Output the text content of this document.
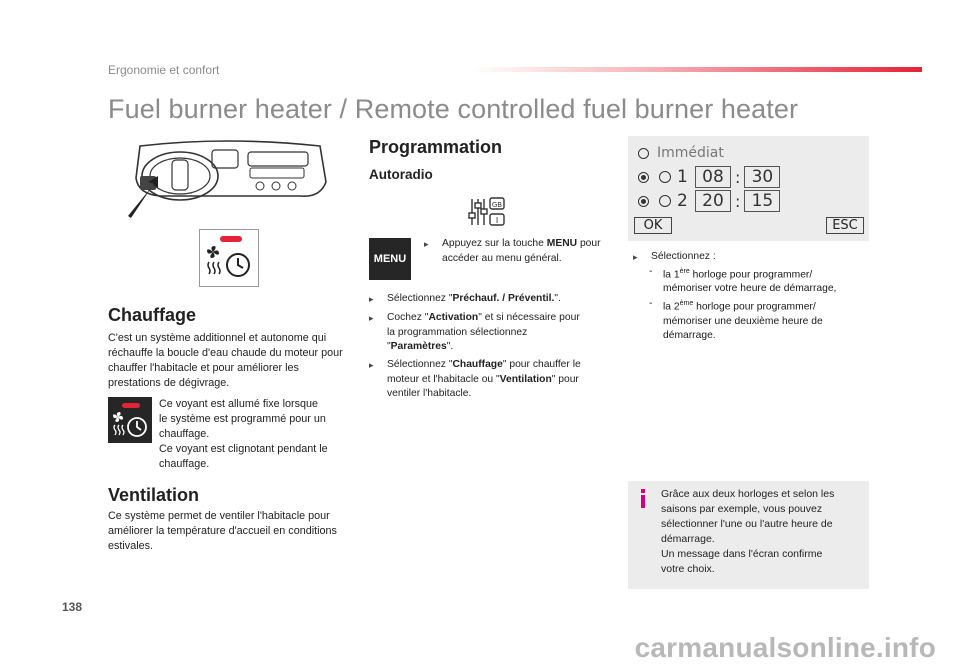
Ergonomie et confort
Fuel burner heater / Remote controlled fuel burner heater
Chauffage
C'est un système additionnel et autonome qui réchauffe la boucle d'eau chaude du moteur pour chauffer l'habitacle et pour améliorer les prestations de dégivrage.
Ce voyant est allumé fixe lorsque
le système est programmé pour un
chauffage.
Ce voyant est clignotant pendant le
chauffage.
Ventilation
Ce système permet de ventiler l'habitacle pour améliorer la température d'accueil en conditions estivales.
Programmation
Autoradio
GB
I
MENU
▸	Appuyez sur la touche MENU pour accéder au menu général.
▸	Sélectionnez "Préchauf. / Préventil.".
▸	Cochez "Activation" et si nécessaire pour la programmation sélectionnez "Paramètres".
▸	Sélectionnez "Chauffage" pour chauffer le moteur et l'habitacle ou "Ventilation" pour ventiler l'habitacle.
Immédiat
1 08 : 30
2 20 : 15
OK	ESC
▸	Sélectionnez :
-	la 1ère horloge pour programmer/ mémoriser votre heure de démarrage,
-	la 2ème horloge pour programmer/ mémoriser une deuxième heure de démarrage.
Grâce aux deux horloges et selon les
saisons par exemple, vous pouvez
sélectionner l'une ou l'autre heure de
démarrage.
Un message dans l'écran confirme
votre choix.
138
carmanualsonline.info
